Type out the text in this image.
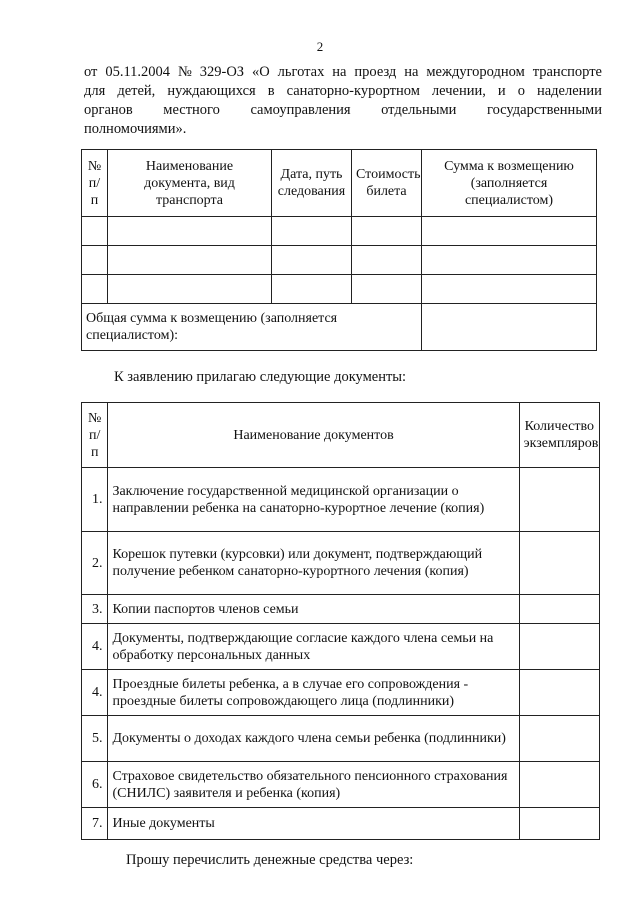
2
от 05.11.2004 № 329-ОЗ «О льготах на проезд на междугородном транспорте
для детей, нуждающихся в санаторно-курортном лечении, и о наделении
органов местного самоуправления отдельными государственными
полномочиями».
№ п/п	Наименование документа, вид транспорта	Дата, путь следования	Стоимость билета	Сумма к возмещению (заполняется специалистом)

Общая сумма к возмещению (заполняется специалистом):				
К заявлению прилагаю следующие документы:
№ п/п	Наименование документов	Количество экземпляров
1.	Заключение государственной медицинской организации о направлении ребенка на санаторно-курортное лечение (копия)	
2.	Корешок путевки (курсовки) или документ, подтверждающий получение ребенком санаторно-курортного лечения (копия)	
3.	Копии паспортов членов семьи	
4.	Документы, подтверждающие согласие каждого члена семьи на обработку персональных данных	
4.	Проездные билеты ребенка, а в случае его сопровождения - проездные билеты сопровождающего лица (подлинники)	
5.	Документы о доходах каждого члена семьи ребенка (подлинники)	
6.	Страховое свидетельство обязательного пенсионного страхования (СНИЛС) заявителя и ребенка (копия)	
7.	Иные документы	
Прошу перечислить денежные средства через:
